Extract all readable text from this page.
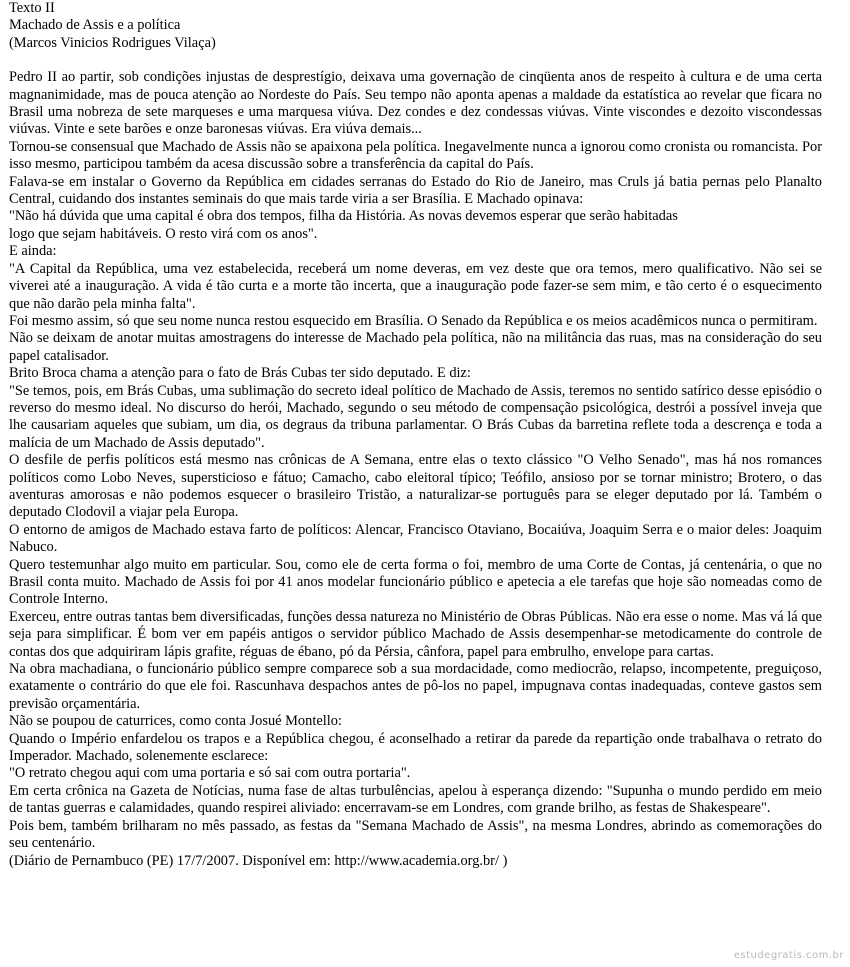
Texto II

Machado de Assis e a política

(Marcos Vinicios Rodrigues Vilaça)

Pedro II ao partir, sob condições injustas de desprestígio, deixava uma governação de cinqüenta anos de respeito à cultura e de uma certa magnanimidade, mas de pouca atenção ao Nordeste do País. Seu tempo não aponta apenas a maldade da estatística ao revelar que ficara no Brasil uma nobreza de sete marqueses e uma marquesa viúva. Dez condes e dez condessas viúvas. Vinte viscondes e dezoito viscondessas viúvas. Vinte e sete barões e onze baronesas viúvas. Era viúva demais...

Tornou-se consensual que Machado de Assis não se apaixona pela política. Inegavelmente nunca a ignorou como cronista ou romancista. Por isso mesmo, participou também da acesa discussão sobre a transferência da capital do País.

Falava-se em instalar o Governo da República em cidades serranas do Estado do Rio de Janeiro, mas Cruls já batia pernas pelo Planalto Central, cuidando dos instantes seminais do que mais tarde viria a ser Brasília. E Machado opinava:

"Não há dúvida que uma capital é obra dos tempos, filha da História. As novas devemos esperar que serão habitadas

logo que sejam habitáveis. O resto virá com os anos".

E ainda:

"A Capital da República, uma vez estabelecida, receberá um nome deveras, em vez deste que ora temos, mero qualificativo. Não sei se viverei até a inauguração. A vida é tão curta e a morte tão incerta, que a inauguração pode fazer-se sem mim, e tão certo é o esquecimento que não darão pela minha falta".

Foi mesmo assim, só que seu nome nunca restou esquecido em Brasília. O Senado da República e os meios acadêmicos nunca o permitiram.

Não se deixam de anotar muitas amostragens do interesse de Machado pela política, não na militância das ruas, mas na consideração do seu papel catalisador.

Brito Broca chama a atenção para o fato de Brás Cubas ter sido deputado. E diz:

"Se temos, pois, em Brás Cubas, uma sublimação do secreto ideal político de Machado de Assis, teremos no sentido satírico desse episódio o reverso do mesmo ideal. No discurso do herói, Machado, segundo o seu método de compensação psicológica, destrói a possível inveja que lhe causariam aqueles que subiam, um dia, os degraus da tribuna parlamentar. O Brás Cubas da barretina reflete toda a descrença e toda a malícia de um Machado de Assis deputado".

O desfile de perfis políticos está mesmo nas crônicas de A Semana, entre elas o texto clássico "O Velho Senado", mas há nos romances políticos como Lobo Neves, supersticioso e fátuo; Camacho, cabo eleitoral típico; Teófilo, ansioso por se tornar ministro; Brotero, o das aventuras amorosas e não podemos esquecer o brasileiro Tristão, a naturalizar-se português para se eleger deputado por lá. Também o deputado Clodovil a viajar pela Europa.

O entorno de amigos de Machado estava farto de políticos: Alencar, Francisco Otaviano, Bocaiúva, Joaquim Serra e o maior deles: Joaquim Nabuco.

Quero testemunhar algo muito em particular. Sou, como ele de certa forma o foi, membro de uma Corte de Contas, já centenária, o que no Brasil conta muito. Machado de Assis foi por 41 anos modelar funcionário público e apetecia a ele tarefas que hoje são nomeadas como de Controle Interno.

Exerceu, entre outras tantas bem diversificadas, funções dessa natureza no Ministério de Obras Públicas. Não era esse o nome. Mas vá lá que seja para simplificar. É bom ver em papéis antigos o servidor público Machado de Assis desempenhar-se metodicamente do controle de contas dos que adquiriram lápis grafite, réguas de ébano, pó da Pérsia, cânfora, papel para embrulho, envelope para cartas.

Na obra machadiana, o funcionário público sempre comparece sob a sua mordacidade, como mediocrão, relapso, incompetente, preguiçoso, exatamente o contrário do que ele foi. Rascunhava despachos antes de pô-los no papel, impugnava contas inadequadas, conteve gastos sem previsão orçamentária.

Não se poupou de caturrices, como conta Josué Montello:

Quando o Império enfardelou os trapos e a República chegou, é aconselhado a retirar da parede da repartição onde trabalhava o retrato do Imperador. Machado, solenemente esclarece:

"O retrato chegou aqui com uma portaria e só sai com outra portaria".

Em certa crônica na Gazeta de Notícias, numa fase de altas turbulências, apelou à esperança dizendo: "Supunha o mundo perdido em meio de tantas guerras e calamidades, quando respirei aliviado: encerravam-se em Londres, com grande brilho, as festas de Shakespeare".

Pois bem, também brilharam no mês passado, as festas da "Semana Machado de Assis", na mesma Londres, abrindo as comemorações do seu centenário.

(Diário de Pernambuco (PE) 17/7/2007. Disponível em: http://www.academia.org.br/ )

estudegratis.com.br
